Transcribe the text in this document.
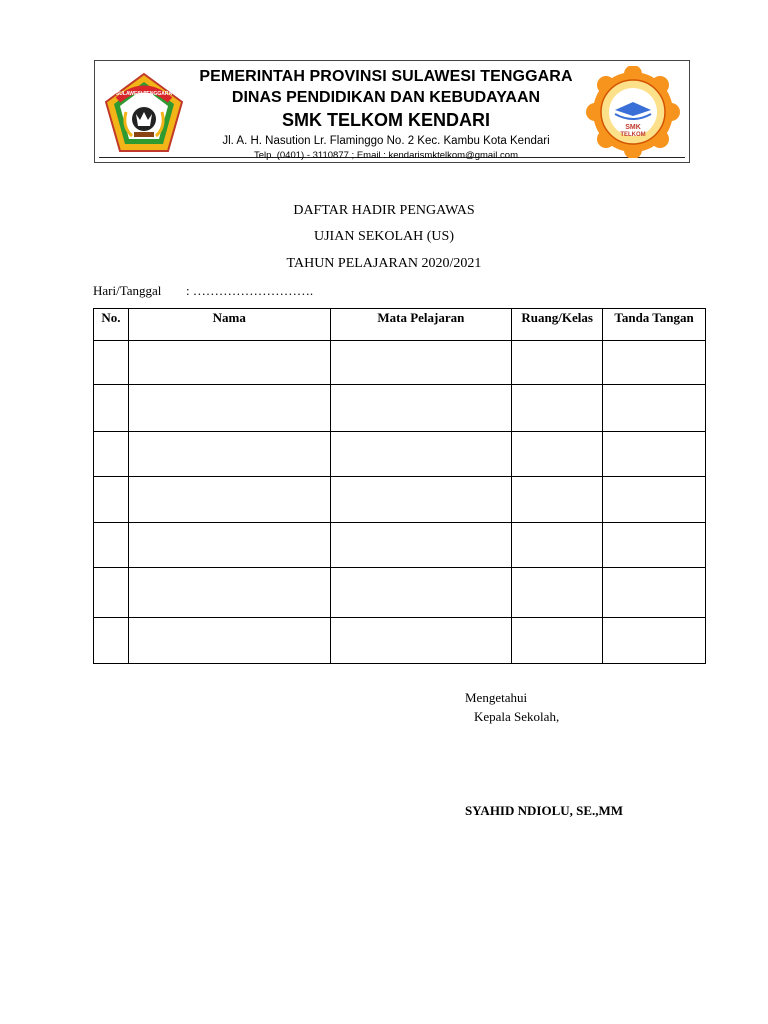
SULAWESI TENGGARA
SMK
TELKOM
PEMERINTAH PROVINSI SULAWESI TENGGARA
DINAS PENDIDIKAN DAN KEBUDAYAAN
SMK TELKOM KENDARI
Jl. A. H. Nasution Lr. Flaminggo No. 2 Kec. Kambu Kota Kendari
Telp. (0401) - 3110877 ; Email : kendarismktelkom@gmail.com
DAFTAR HADIR PENGAWAS
UJIAN SEKOLAH (US)
TAHUN PELAJARAN 2020/2021
Hari/Tanggal : ……………………….
No.	Nama	Mata Pelajaran	Ruang/Kelas	Tanda Tangan

Mengetahui
Kepala Sekolah,
SYAHID NDIOLU, SE.,MM
